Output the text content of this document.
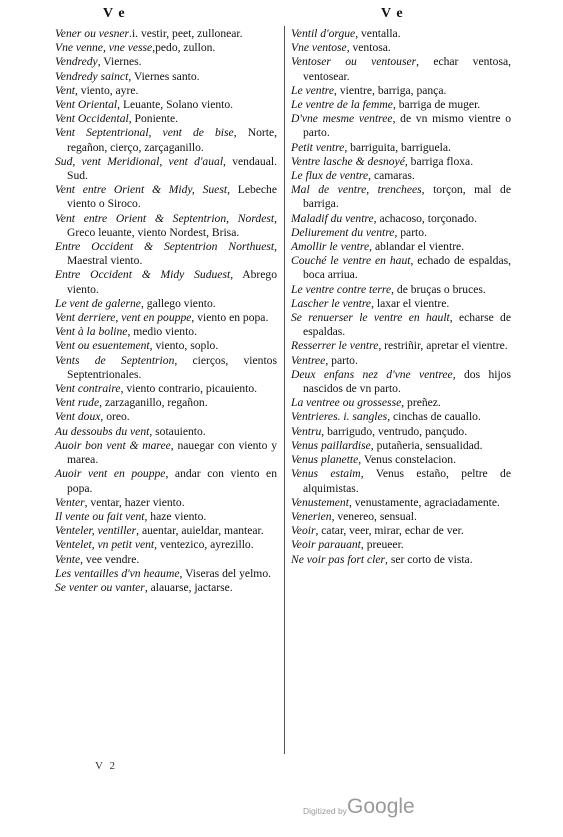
V e	V e

Vener ou vesner.i. vestir, peet, zullonear.

Vne venne, vne vesse,pedo, zullon.

Vendredy, Viernes.

Vendredy sainct, Viernes santo.

Vent, viento, ayre.

Vent Oriental, Leuante, Solano viento.

Vent Occidental, Poniente.

Vent Septentrional, vent de bise, Norte, regañon, cierço, zarçaganillo.

Sud, vent Meridional, vent d'aual, vendaual. Sud.

Vent entre Orient & Midy, Suest, Lebeche viento o Siroco.

Vent entre Orient & Septentrion, Nordest, Greco leuante, viento Nordest, Brisa.

Entre Occident & Septentrion Northuest, Maestral viento.

Entre Occident & Midy Suduest, Abrego viento.

Le vent de galerne, gallego viento.

Vent derriere, vent en pouppe, viento en popa.

Vent à la boline, medio viento.

Vent ou esuentement, viento, soplo.

Vents de Septentrion, cierços, vientos Septentrionales.

Vent contraire, viento contrario, picauiento.

Vent rude, zarzaganillo, regañon.

Vent doux, oreo.

Au dessoubs du vent, sotauiento.

Auoir bon vent & maree, nauegar con viento y marea.

Auoir vent en pouppe, andar con viento en popa.

Venter, ventar, hazer viento.

Il vente ou fait vent, haze viento.

Venteler, ventiller, auentar, auieldar, mantear.

Ventelet, vn petit vent, ventezico, ayrezillo.

Vente, vee vendre.

Les ventailles d'vn heaume, Viseras del yelmo.

Se venter ou vanter, alauarse, jactarse.

Ventil d'orgue, ventalla.

Vne ventose, ventosa.

Ventoser ou ventouser, echar ventosa, ventosear.

Le ventre, vientre, barriga, pança.

Le ventre de la femme, barriga de muger.

D'vne mesme ventree, de vn mismo vientre o parto.

Petit ventre, barriguita, barriguela.

Ventre lasche & desnoyé, barriga floxa.

Le flux de ventre, camaras.

Mal de ventre, trenchees, torçon, mal de barriga.

Maladif du ventre, achacoso, torçonado.

Deliurement du ventre, parto.

Amollir le ventre, ablandar el vientre.

Couché le ventre en haut, echado de espaldas, boca arriua.

Le ventre contre terre, de bruças o bruces.

Lascher le ventre, laxar el vientre.

Se renuerser le ventre en hault, echarse de espaldas.

Resserrer le ventre, restriñir, apretar el vientre.

Ventree, parto.

Deux enfans nez d'vne ventree, dos hijos nascidos de vn parto.

La ventree ou grossesse, preñez.

Ventrieres. i. sangles, cinchas de cauallo.

Ventru, barrigudo, ventrudo, pançudo.

Venus paillardise, putañeria, sensualidad.

Venus planette, Venus constelacion.

Venus estaim, Venus estaño, peltre de alquimistas.

Venustement, venustamente, agraciadamente.

Venerien, venereo, sensual.

Veoir, catar, veer, mirar, echar de ver.

Veoir parauant, preueer.

Ne voir pas fort cler, ser corto de vista.

V 2
Digitized by Google
